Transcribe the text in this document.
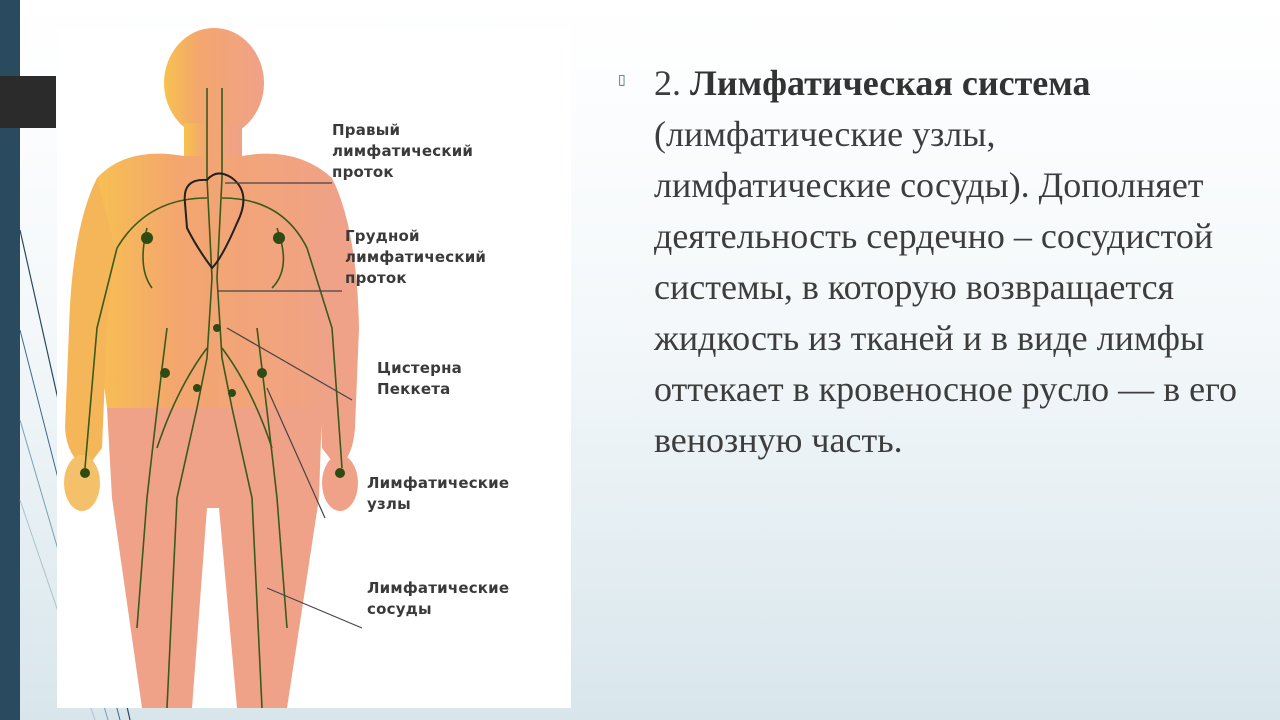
Правый
лимфатический
проток
Грудной
лимфатический
проток
Цистерна
Пеккета
Лимфатические
узлы
Лимфатические
сосуды
▯ 2. Лимфатическая система (лимфатические узлы, лимфатические сосуды). Дополняет деятельность сердечно – сосудистой системы, в которую возвращается жидкость из тканей и в виде лимфы оттекает в кровеносное русло — в его венозную часть.
